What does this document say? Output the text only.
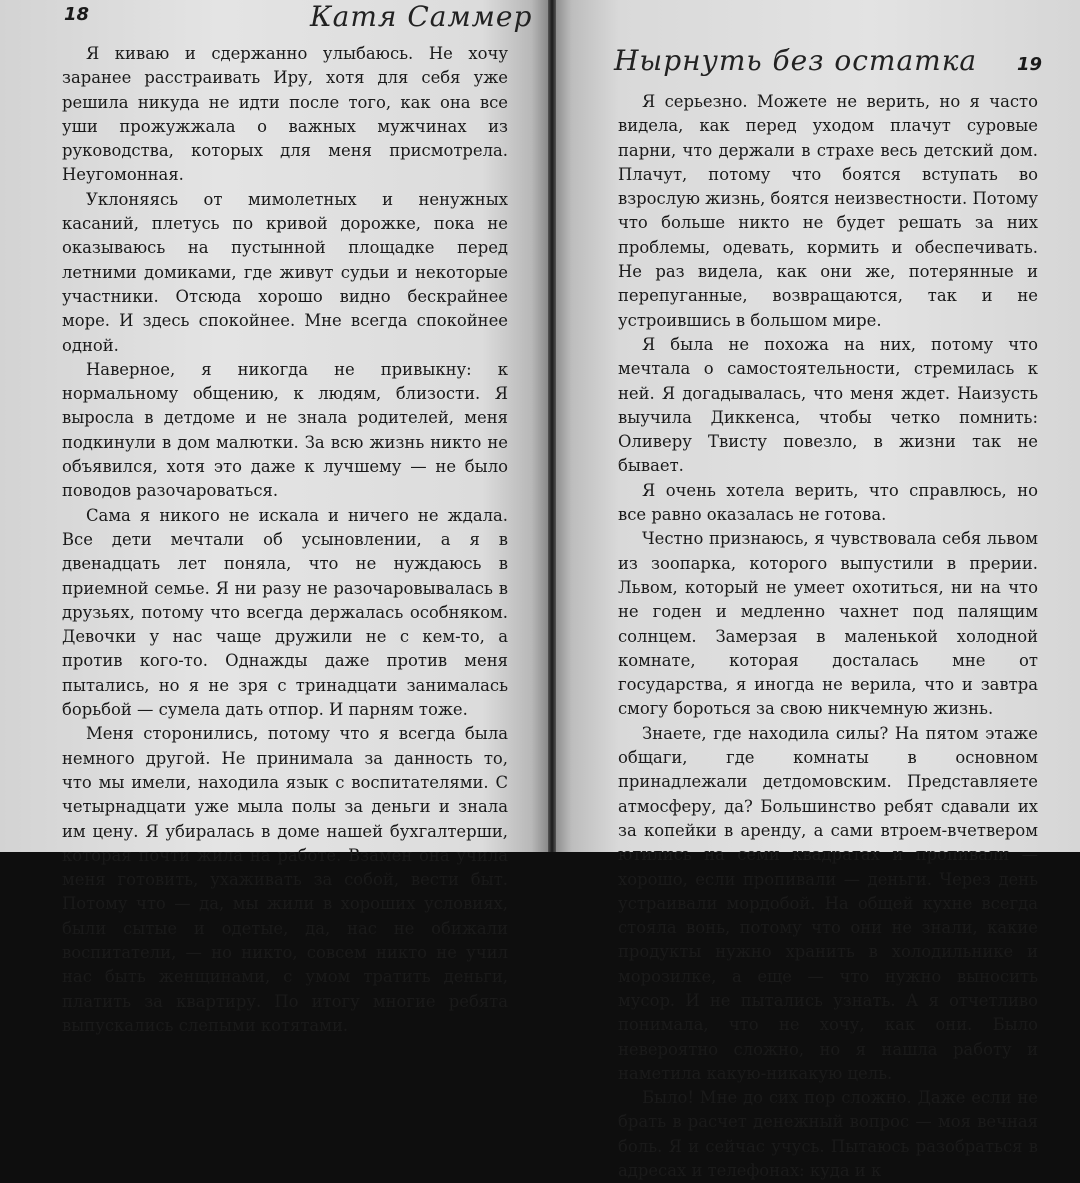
18	Катя Саммер

Я киваю и сдержанно улыбаюсь. Не хочу заранее расстраивать Иру, хотя для себя уже решила никуда не идти после того, как она все уши прожужжала о важных мужчинах из руководства, которых для меня присмотрела. Неугомонная.

Уклоняясь от мимолетных и ненужных касаний, плетусь по кривой дорожке, пока не оказываюсь на пустынной площадке перед летними домиками, где живут судьи и некоторые участники. Отсюда хорошо видно бескрайнее море. И здесь спокойнее. Мне всегда спокойнее одной.

Наверное, я никогда не привыкну: к нормальному общению, к людям, близости. Я выросла в детдоме и не знала родителей, меня подкинули в дом малютки. За всю жизнь никто не объявился, хотя это даже к лучшему — не было поводов разочароваться.

Сама я никого не искала и ничего не ждала. Все дети мечтали об усыновлении, а я в двенадцать лет поняла, что не нуждаюсь в приемной семье. Я ни разу не разочаровывалась в друзьях, потому что всегда держалась особняком. Девочки у нас чаще дружили не с кем-то, а против кого-то. Однажды даже против меня пытались, но я не зря с тринадцати занималась борьбой — сумела дать отпор. И парням тоже.

Меня сторонились, потому что я всегда была немного другой. Не принимала за данность то, что мы имели, находила язык с воспитателями. С четырнадцати уже мыла полы за деньги и знала им цену. Я убиралась в доме нашей бухгалтерши, которая почти жила на работе. Взамен она учила меня готовить, ухаживать за собой, вести быт. Потому что — да, мы жили в хороших условиях, были сытые и одетые, да, нас не обижали воспитатели, — но никто, совсем никто не учил нас быть женщинами, с умом тратить деньги, платить за квартиру. По итогу многие ребята выпускались слепыми котятами.

Нырнуть без остатка 19

Я серьезно. Можете не верить, но я часто видела, как перед уходом плачут суровые парни, что держали в страхе весь детский дом. Плачут, потому что боятся вступать во взрослую жизнь, боятся неизвестности. Потому что больше никто не будет решать за них проблемы, одевать, кормить и обеспечивать. Не раз видела, как они же, потерянные и перепуганные, возвращаются, так и не устроившись в большом мире.

Я была не похожа на них, потому что мечтала о самостоятельности, стремилась к ней. Я догадывалась, что меня ждет. Наизусть выучила Диккенса, чтобы четко помнить: Оливеру Твисту повезло, в жизни так не бывает.

Я очень хотела верить, что справлюсь, но все равно оказалась не готова.

Честно признаюсь, я чувствовала себя львом из зоопарка, которого выпустили в прерии. Львом, который не умеет охотиться, ни на что не годен и медленно чахнет под палящим солнцем. Замерзая в маленькой холодной комнате, которая досталась мне от государства, я иногда не верила, что и завтра смогу бороться за свою никчемную жизнь.

Знаете, где находила силы? На пятом этаже общаги, где комнаты в основном принадлежали детдомовским. Представляете атмосферу, да? Большинство ребят сдавали их за копейки в аренду, а сами втроем-вчетвером ютились на семи квадратах и пропивали — хорошо, если пропивали — деньги. Через день устраивали мордобой. На общей кухне всегда стояла вонь, потому что они не знали, какие продукты нужно хранить в холодильнике и морозилке, а еще — что нужно выносить мусор. И не пытались узнать. А я отчетливо понимала, что не хочу, как они. Было невероятно сложно, но я нашла работу и наметила какую-никакую цель.

Было! Мне до сих пор сложно. Даже если не брать в расчет денежный вопрос — моя вечная боль. Я и сейчас учусь. Пытаюсь разобраться в адресах и телефонах: куда и к
